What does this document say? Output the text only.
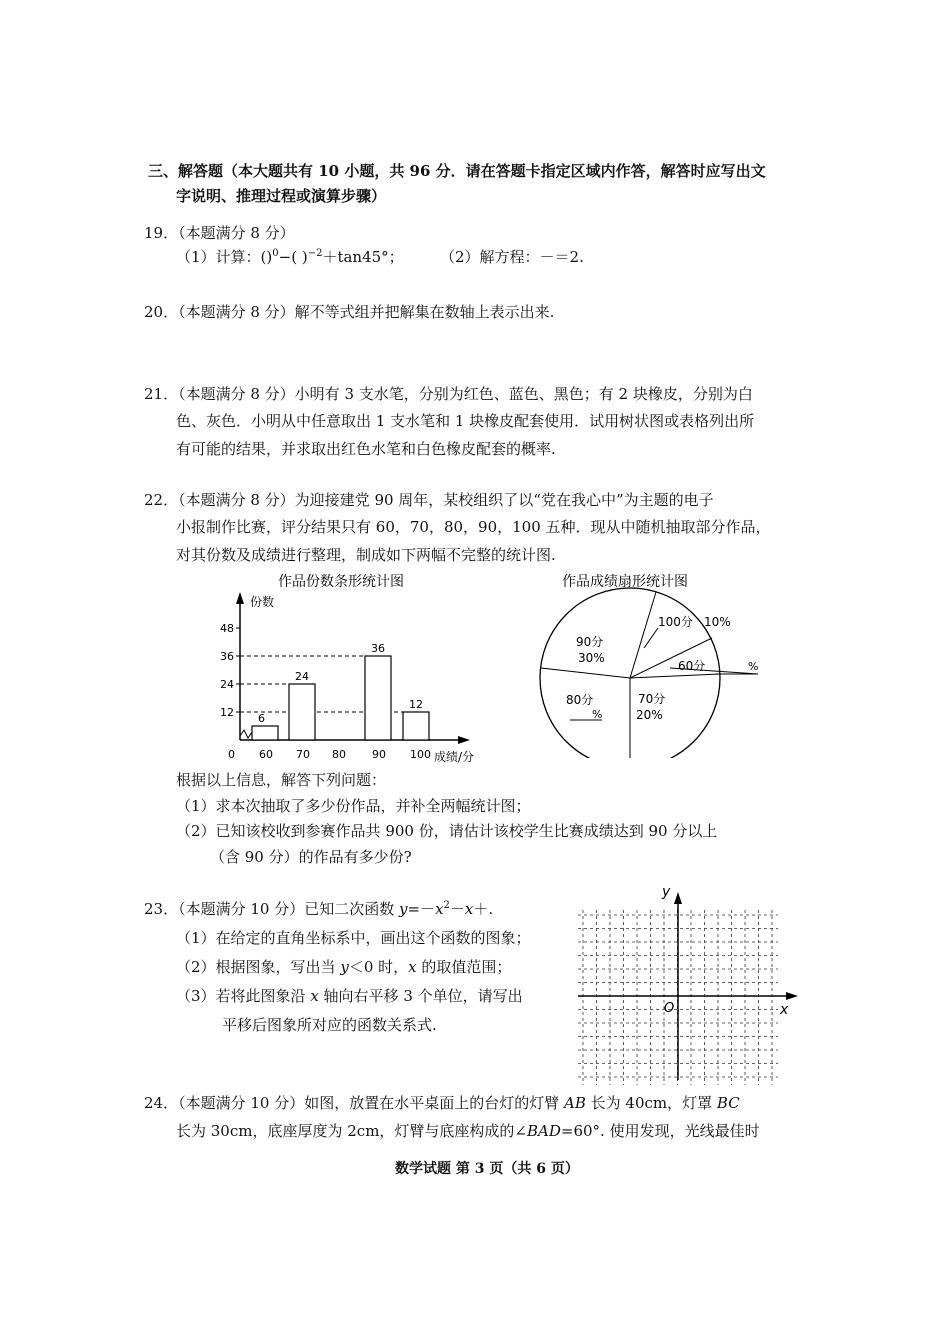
三、解答题（本大题共有 10 小题，共 96 分．请在答题卡指定区域内作答，解答时应写出文
字说明、推理过程或演算步骤）
19．（本题满分 8 分）
（1）计算：()$^0$−( )$^{-2}$＋tan45°； （2）解方程：－＝2.
20．（本题满分 8 分）解不等式组并把解集在数轴上表示出来.
21．（本题满分 8 分）小明有 3 支水笔，分别为红色、蓝色、黑色；有 2 块橡皮，分别为白
色、灰色．小明从中任意取出 1 支水笔和 1 块橡皮配套使用．试用树状图或表格列出所
有可能的结果，并求取出红色水笔和白色橡皮配套的概率.
22．（本题满分 8 分）为迎接建党 90 周年，某校组织了以“党在我心中”为主题的电子
小报制作比赛，评分结果只有 60，70，80，90，100 五种．现从中随机抽取部分作品，
对其份数及成绩进行整理，制成如下两幅不完整的统计图.
作品份数条形统计图
份数
成绩/分
0
12
24
36
48
60 70 80 90 100
6
24
36
12
作品成绩扇形统计图
90分
30%
100分 10%
60分	%
70分
20%
80分
%
根据以上信息，解答下列问题：
（1）求本次抽取了多少份作品，并补全两幅统计图；
（2）已知该校收到参赛作品共 900 份，请估计该校学生比赛成绩达到 90 分以上
（含 90 分）的作品有多少份?
23．（本题满分 10 分）已知二次函数 $y=-x^2-x+$.
（1）在给定的直角坐标系中，画出这个函数的图象；
（2）根据图象，写出当 y＜0 时，x 的取值范围；
（3）若将此图象沿 x 轴向右平移 3 个单位，请写出
平移后图象所对应的函数关系式.
y
x
O
24．（本题满分 10 分）如图，放置在水平桌面上的台灯的灯臂 AB 长为 40cm，灯罩 BC
长为 30cm，底座厚度为 2cm，灯臂与底座构成的∠BAD=60°. 使用发现，光线最佳时
数学试题 第 3 页（共 6 页）
